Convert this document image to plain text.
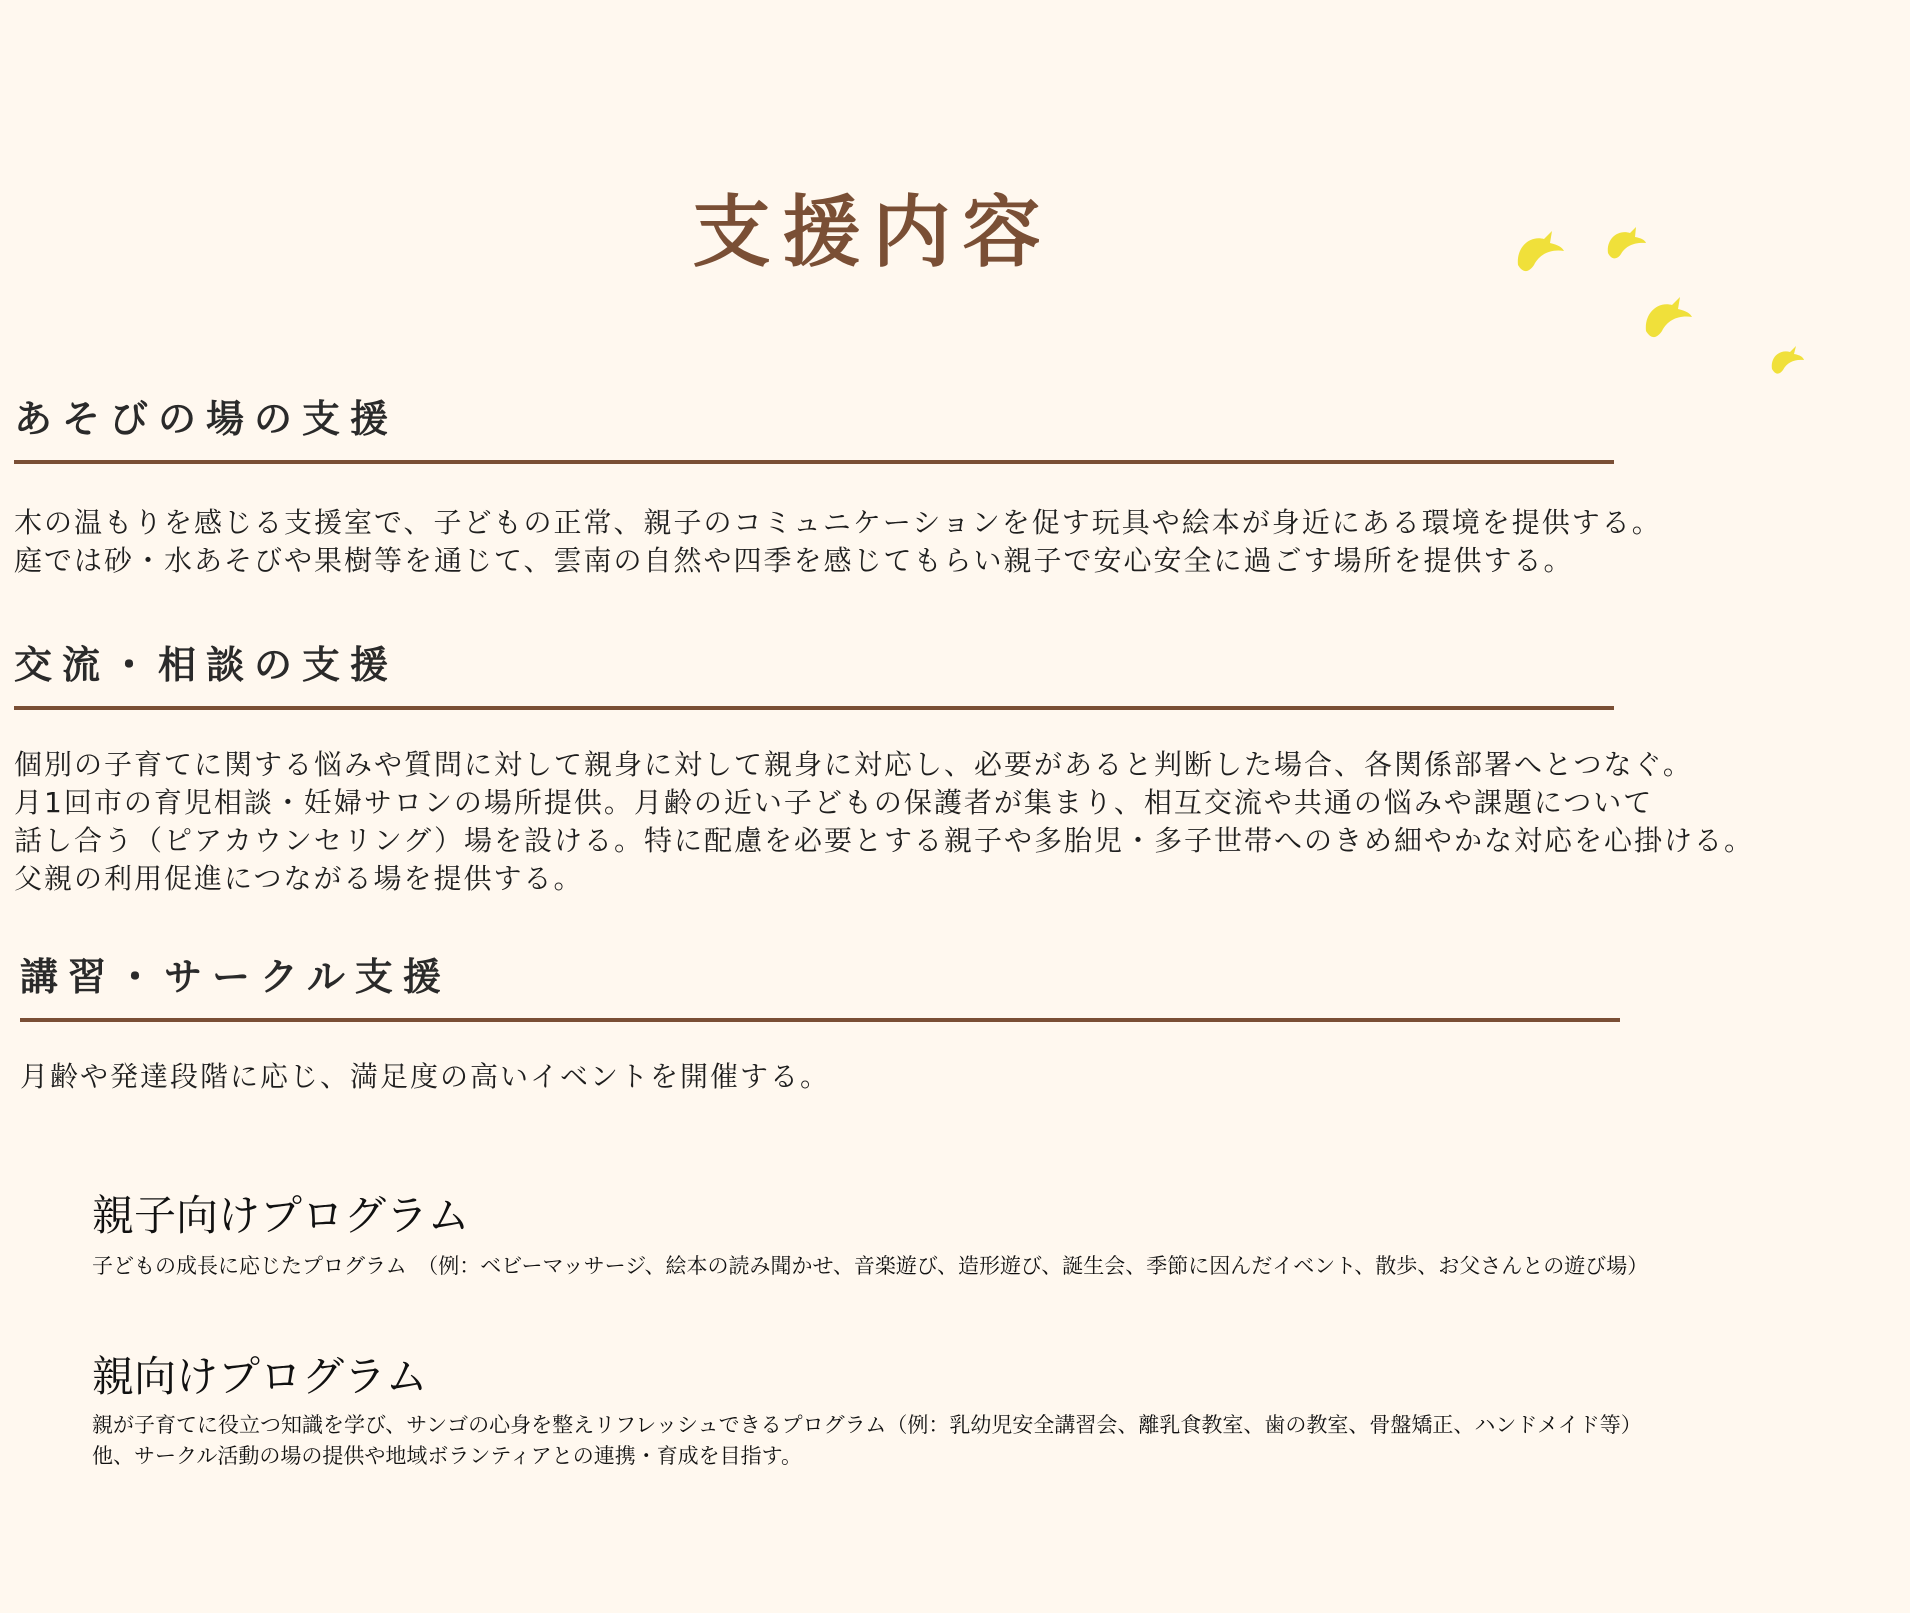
支援内容
あそびの場の支援

木の温もりを感じる支援室で、子どもの正常、親子のコミュニケーションを促す玩具や絵本が身近にある環境を提供する。

庭では砂・水あそびや果樹等を通じて、雲南の自然や四季を感じてもらい親子で安心安全に過ごす場所を提供する。

交流・相談の支援

個別の子育てに関する悩みや質問に対して親身に対して親身に対応し、必要があると判断した場合、各関係部署へとつなぐ。

月1回市の育児相談・妊婦サロンの場所提供。月齢の近い子どもの保護者が集まり、相互交流や共通の悩みや課題について

話し合う（ピアカウンセリング）場を設ける。特に配慮を必要とする親子や多胎児・多子世帯へのきめ細やかな対応を心掛ける。

父親の利用促進につながる場を提供する。

講習・サークル支援

月齢や発達段階に応じ、満足度の高いイベントを開催する。

親子向けプログラム

子どもの成長に応じたプログラム　（例：ベビーマッサージ、絵本の読み聞かせ、音楽遊び、造形遊び、誕生会、季節に因んだイベント、散歩、お父さんとの遊び場）

親向けプログラム

親が子育てに役立つ知識を学び、サンゴの心身を整えリフレッシュできるプログラム（例：乳幼児安全講習会、離乳食教室、歯の教室、骨盤矯正、ハンドメイド等）

他、サークル活動の場の提供や地域ボランティアとの連携・育成を目指す。
